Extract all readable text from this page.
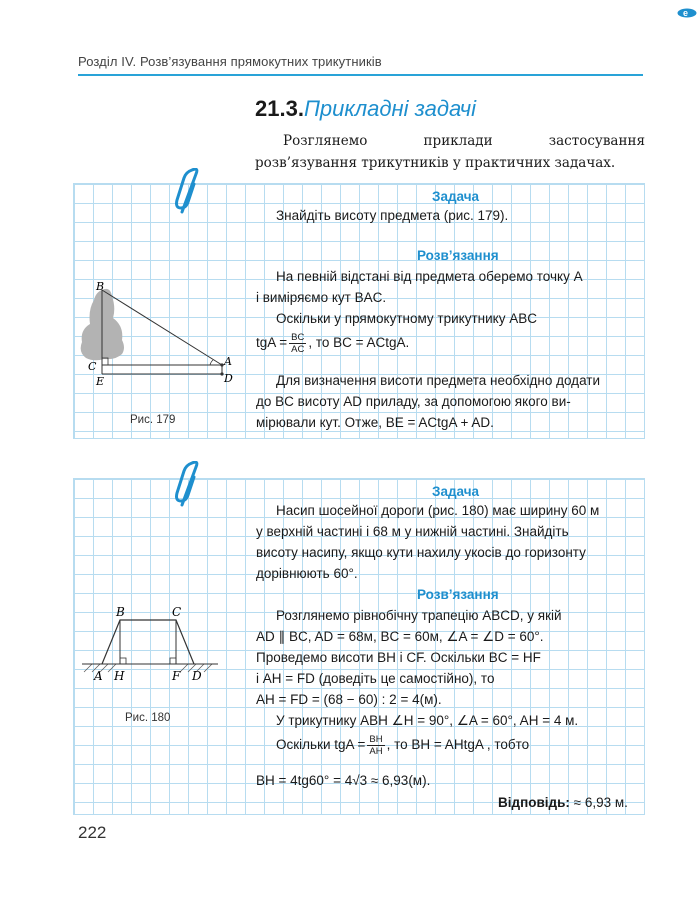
e
Розділ IV. Розв’язування прямокутних трикутників
21.3.Прикладні задачі
Розглянемо приклади застосування розв’язування трикутників у практичних задачах.
Задача
Знайдіть висоту предмета (рис. 179).
Розв’язання
На певній відстані від предмета оберемо точку A
і виміряємо кут BAC.
Оскільки у прямокутному трикутнику ABC
tgA = $\frac{BC}{AC}$ , то BC = ACtgA.
Для визначення висоти предмета необхідно додати
до BC висоту AD приладу, за допомогою якого ви-
мірювали кут. Отже, BE = ACtgA + AD.
B
A
C
E	D
Рис. 179
Задача
Насип шосейної дороги (рис. 180) має ширину 60 м
у верхній частині і 68 м у нижній частині. Знайдіть
висоту насипу, якщо кути нахилу укосів до горизонту
дорівнюють 60°.
Розв’язання
Розглянемо рівнобічну трапецію ABCD, у якій
AD ∥ BC, AD = 68м, BC = 60м, ∠A = ∠D = 60°.
Проведемо висоти BH і CF. Оскільки BC = HF
і AH = FD (доведіть це самостійно), то
AH = FD = (68 − 60) : 2 = 4(м).
У трикутнику ABH ∠H = 90°, ∠A = 60°, AH = 4 м.
Оскільки tgA = $\frac{BH}{AH}$ , то BH = AHtgA , тобто
BH = 4tg60° = 4√3 ≈ 6,93(м).
Відповідь: ≈ 6,93 м.
B	C
A H	F D
Рис. 180
222
